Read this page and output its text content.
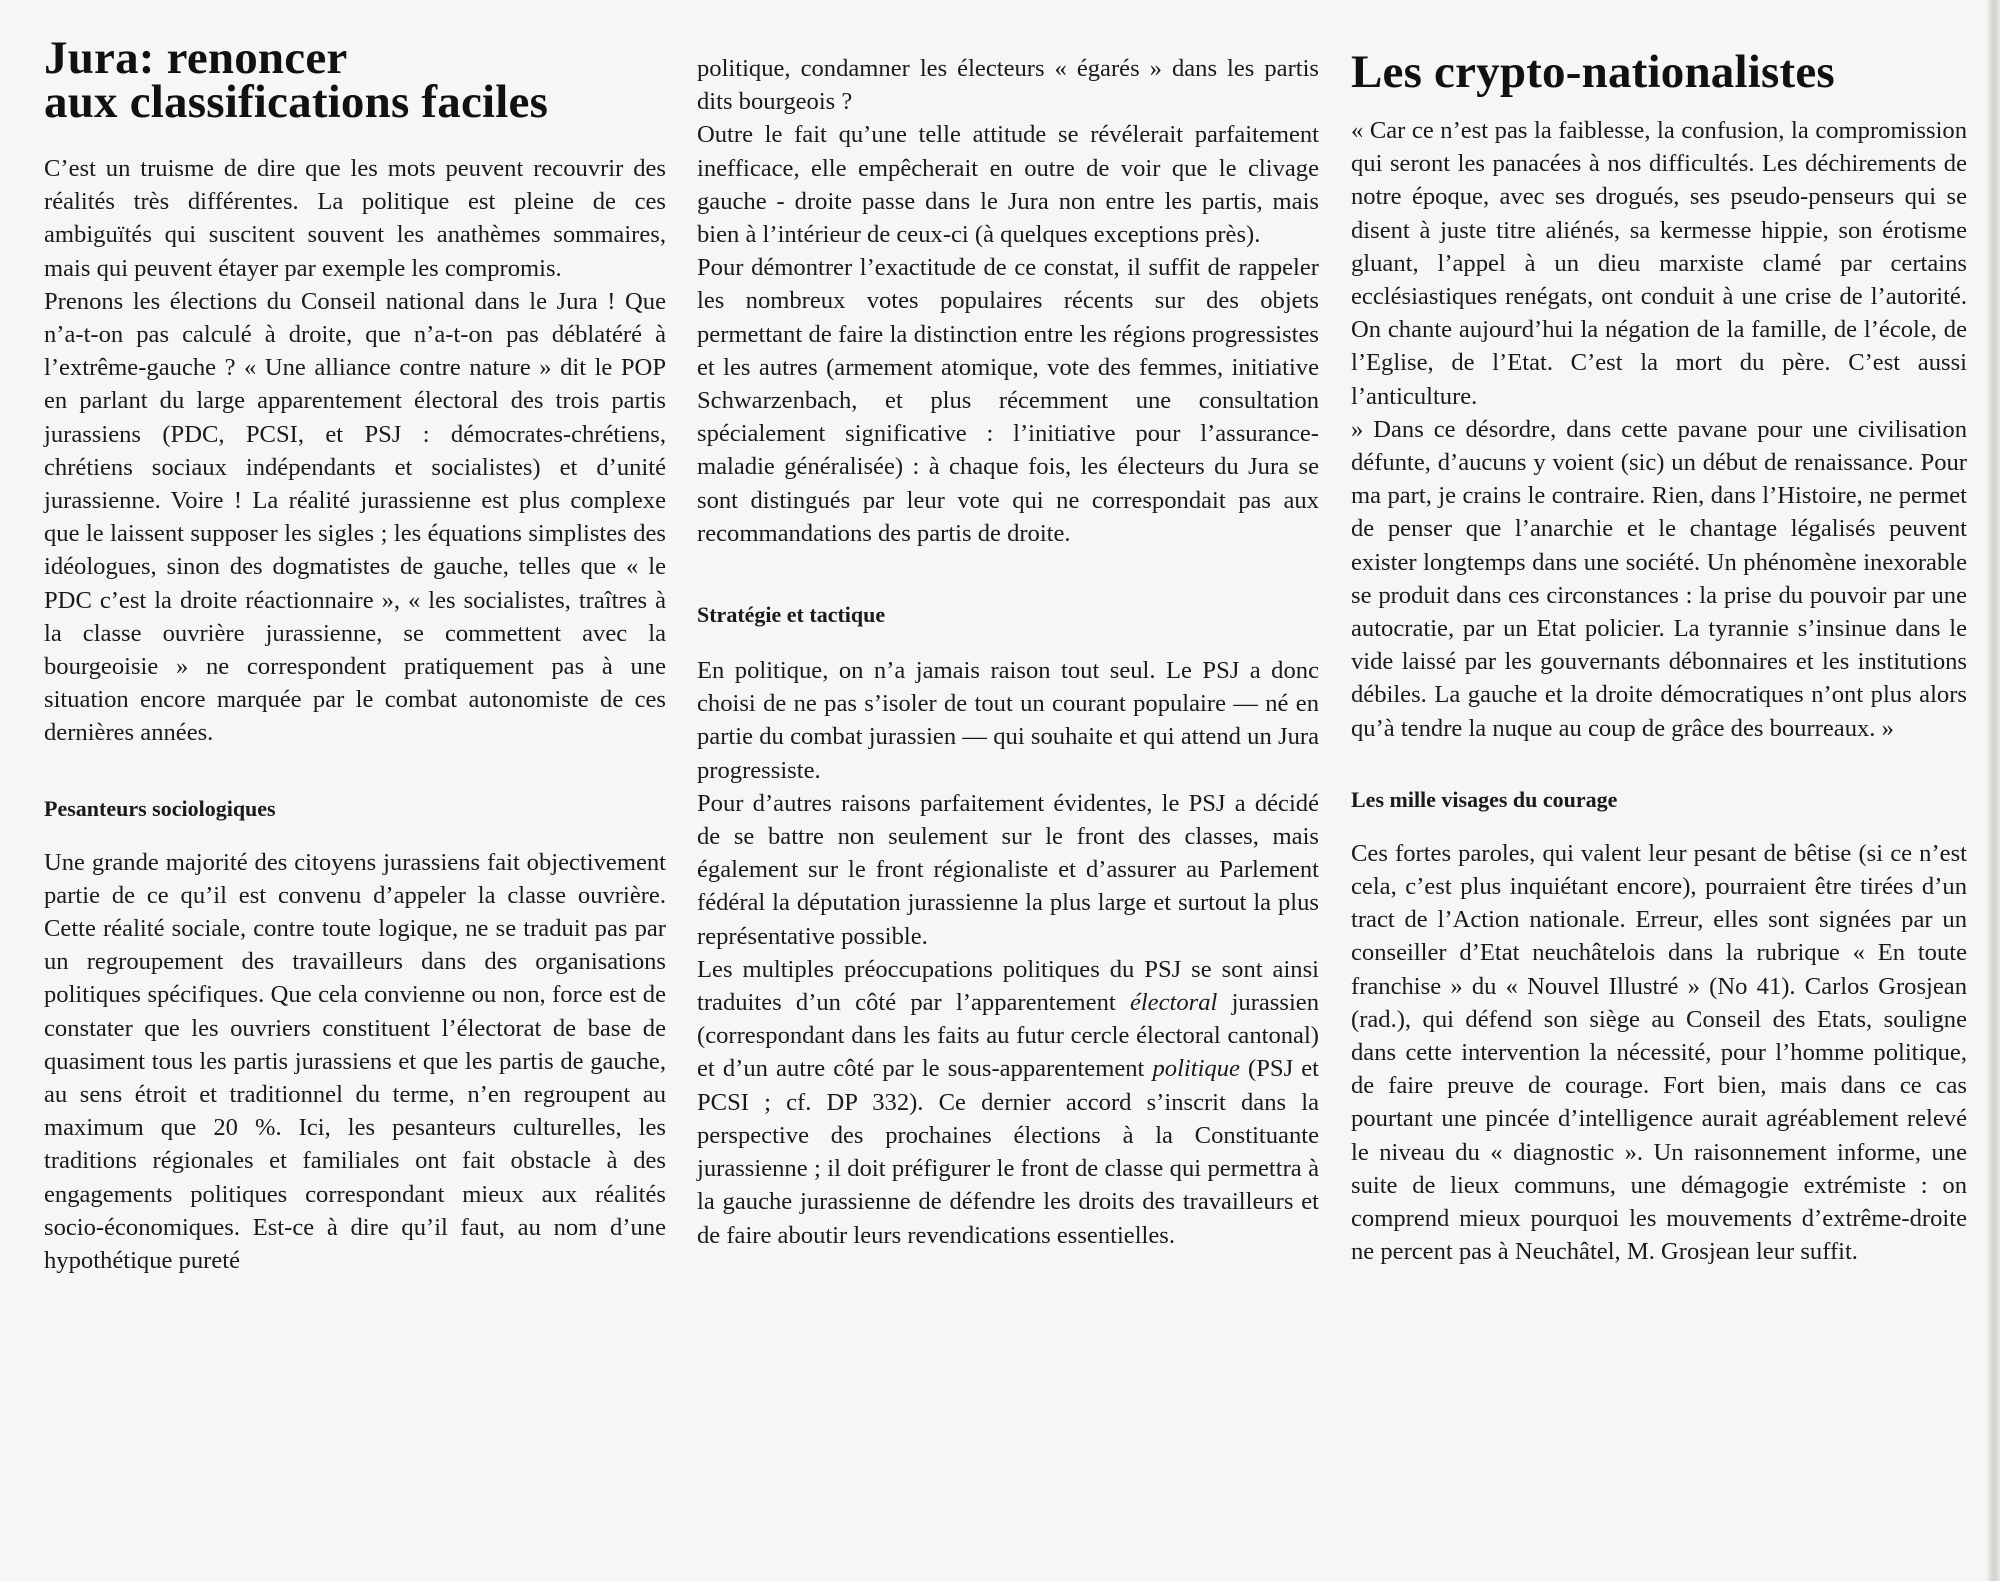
Jura: renoncer
aux classifications faciles

C’est un truisme de dire que les mots peuvent recouvrir des réalités très différentes. La politique est pleine de ces ambiguïtés qui suscitent souvent les anathèmes sommaires, mais qui peuvent étayer par exemple les compromis.

Prenons les élections du Conseil national dans le Jura ! Que n’a-t-on pas calculé à droite, que n’a-t-on pas déblatéré à l’extrême-gauche ? « Une alliance contre nature » dit le POP en parlant du large apparentement électoral des trois partis jurassiens (PDC, PCSI, et PSJ : démocrates-chrétiens, chrétiens sociaux indépendants et socialistes) et d’unité jurassienne. Voire ! La réalité jurassienne est plus complexe que le laissent supposer les sigles ; les équations simplistes des idéologues, sinon des dogmatistes de gauche, telles que « le PDC c’est la droite réactionnaire », « les socialistes, traîtres à la classe ouvrière jurassienne, se commettent avec la bourgeoisie » ne correspondent pratiquement pas à une situation encore marquée par le combat autonomiste de ces dernières années.

Pesanteurs sociologiques

Une grande majorité des citoyens jurassiens fait objectivement partie de ce qu’il est convenu d’appeler la classe ouvrière. Cette réalité sociale, contre toute logique, ne se traduit pas par un regroupement des travailleurs dans des organisations politiques spécifiques. Que cela convienne ou non, force est de constater que les ouvriers constituent l’électorat de base de quasiment tous les partis jurassiens et que les partis de gauche, au sens étroit et traditionnel du terme, n’en regroupent au maximum que 20 %. Ici, les pesanteurs culturelles, les traditions régionales et familiales ont fait obstacle à des engagements politiques correspondant mieux aux réalités socio-économiques. Est-ce à dire qu’il faut, au nom d’une hypothétique pureté

politique, condamner les électeurs « égarés » dans les partis dits bourgeois ?

Outre le fait qu’une telle attitude se révélerait parfaitement inefficace, elle empêcherait en outre de voir que le clivage gauche - droite passe dans le Jura non entre les partis, mais bien à l’intérieur de ceux-ci (à quelques exceptions près).

Pour démontrer l’exactitude de ce constat, il suffit de rappeler les nombreux votes populaires récents sur des objets permettant de faire la distinction entre les régions progressistes et les autres (armement atomique, vote des femmes, initiative Schwarzenbach, et plus récemment une consultation spécialement significative : l’initiative pour l’assurance-maladie généralisée) : à chaque fois, les électeurs du Jura se sont distingués par leur vote qui ne correspondait pas aux recommandations des partis de droite.

Stratégie et tactique

En politique, on n’a jamais raison tout seul. Le PSJ a donc choisi de ne pas s’isoler de tout un courant populaire — né en partie du combat jurassien — qui souhaite et qui attend un Jura progressiste.

Pour d’autres raisons parfaitement évidentes, le PSJ a décidé de se battre non seulement sur le front des classes, mais également sur le front régionaliste et d’assurer au Parlement fédéral la députation jurassienne la plus large et surtout la plus représentative possible.

Les multiples préoccupations politiques du PSJ se sont ainsi traduites d’un côté par l’apparentement électoral jurassien (correspondant dans les faits au futur cercle électoral cantonal) et d’un autre côté par le sous-apparentement politique (PSJ et PCSI ; cf. DP 332). Ce dernier accord s’inscrit dans la perspective des prochaines élections à la Constituante jurassienne ; il doit préfigurer le front de classe qui permettra à la gauche jurassienne de défendre les droits des travailleurs et de faire aboutir leurs revendications essentielles.

Les crypto-nationalistes

« Car ce n’est pas la faiblesse, la confusion, la compromission qui seront les panacées à nos difficultés. Les déchirements de notre époque, avec ses drogués, ses pseudo-penseurs qui se disent à juste titre aliénés, sa kermesse hippie, son érotisme gluant, l’appel à un dieu marxiste clamé par certains ecclésiastiques renégats, ont conduit à une crise de l’autorité. On chante aujourd’hui la négation de la famille, de l’école, de l’Eglise, de l’Etat. C’est la mort du père. C’est aussi l’anticulture.

» Dans ce désordre, dans cette pavane pour une civilisation défunte, d’aucuns y voient (sic) un début de renaissance. Pour ma part, je crains le contraire. Rien, dans l’Histoire, ne permet de penser que l’anarchie et le chantage légalisés peuvent exister longtemps dans une société. Un phénomène inexorable se produit dans ces circonstances : la prise du pouvoir par une autocratie, par un Etat policier. La tyrannie s’insinue dans le vide laissé par les gouvernants débonnaires et les institutions débiles. La gauche et la droite démocratiques n’ont plus alors qu’à tendre la nuque au coup de grâce des bourreaux. »

Les mille visages du courage

Ces fortes paroles, qui valent leur pesant de bêtise (si ce n’est cela, c’est plus inquiétant encore), pourraient être tirées d’un tract de l’Action nationale. Erreur, elles sont signées par un conseiller d’Etat neuchâtelois dans la rubrique « En toute franchise » du « Nouvel Illustré » (No 41). Carlos Grosjean (rad.), qui défend son siège au Conseil des Etats, souligne dans cette intervention la nécessité, pour l’homme politique, de faire preuve de courage. Fort bien, mais dans ce cas pourtant une pincée d’intelligence aurait agréablement relevé le niveau du « diagnostic ». Un raisonnement informe, une suite de lieux communs, une démagogie extrémiste : on comprend mieux pourquoi les mouvements d’extrême-droite ne percent pas à Neuchâtel, M. Grosjean leur suffit.
